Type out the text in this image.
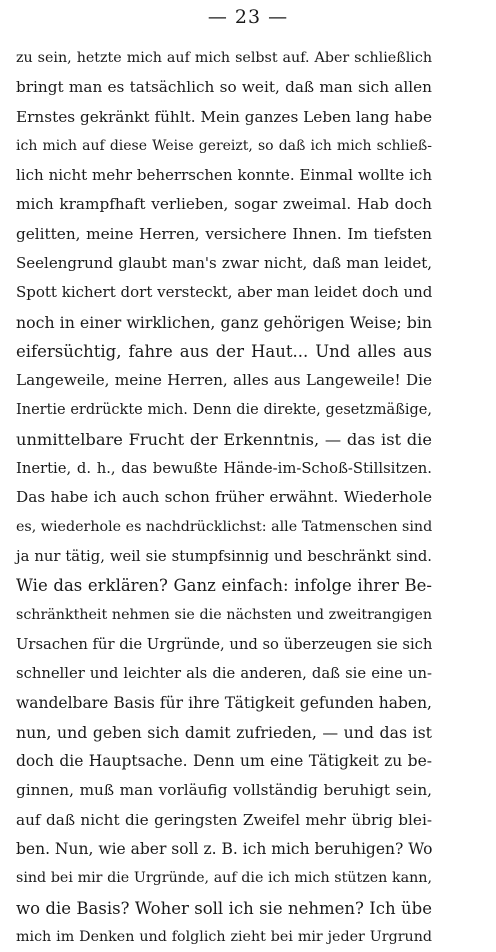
— 23 —
zu sein, hetzte mich auf mich selbst auf. Aber schließlich
bringt man es tatsächlich so weit, daß man sich allen
Ernstes gekränkt fühlt. Mein ganzes Leben lang habe
ich mich auf diese Weise gereizt, so daß ich mich schließ-
lich nicht mehr beherrschen konnte. Einmal wollte ich
mich krampfhaft verlieben, sogar zweimal. Hab doch
gelitten, meine Herren, versichere Ihnen. Im tiefsten
Seelengrund glaubt man's zwar nicht, daß man leidet,
Spott kichert dort versteckt, aber man leidet doch und
noch in einer wirklichen, ganz gehörigen Weise; bin
eifersüchtig, fahre aus der Haut... Und alles aus
Langeweile, meine Herren, alles aus Langeweile! Die
Inertie erdrückte mich. Denn die direkte, gesetzmäßige,
unmittelbare Frucht der Erkenntnis, — das ist die
Inertie, d. h., das bewußte Hände-im-Schoß-Stillsitzen.
Das habe ich auch schon früher erwähnt. Wiederhole
es, wiederhole es nachdrücklichst: alle Tatmenschen sind
ja nur tätig, weil sie stumpfsinnig und beschränkt sind.
Wie das erklären? Ganz einfach: infolge ihrer Be-
schränktheit nehmen sie die nächsten und zweitrangigen
Ursachen für die Urgründe, und so überzeugen sie sich
schneller und leichter als die anderen, daß sie eine un-
wandelbare Basis für ihre Tätigkeit gefunden haben,
nun, und geben sich damit zufrieden, — und das ist
doch die Hauptsache. Denn um eine Tätigkeit zu be-
ginnen, muß man vorläufig vollständig beruhigt sein,
auf daß nicht die geringsten Zweifel mehr übrig blei-
ben. Nun, wie aber soll z. B. ich mich beruhigen? Wo
sind bei mir die Urgründe, auf die ich mich stützen kann,
wo die Basis? Woher soll ich sie nehmen? Ich übe
mich im Denken und folglich zieht bei mir jeder Urgrund
